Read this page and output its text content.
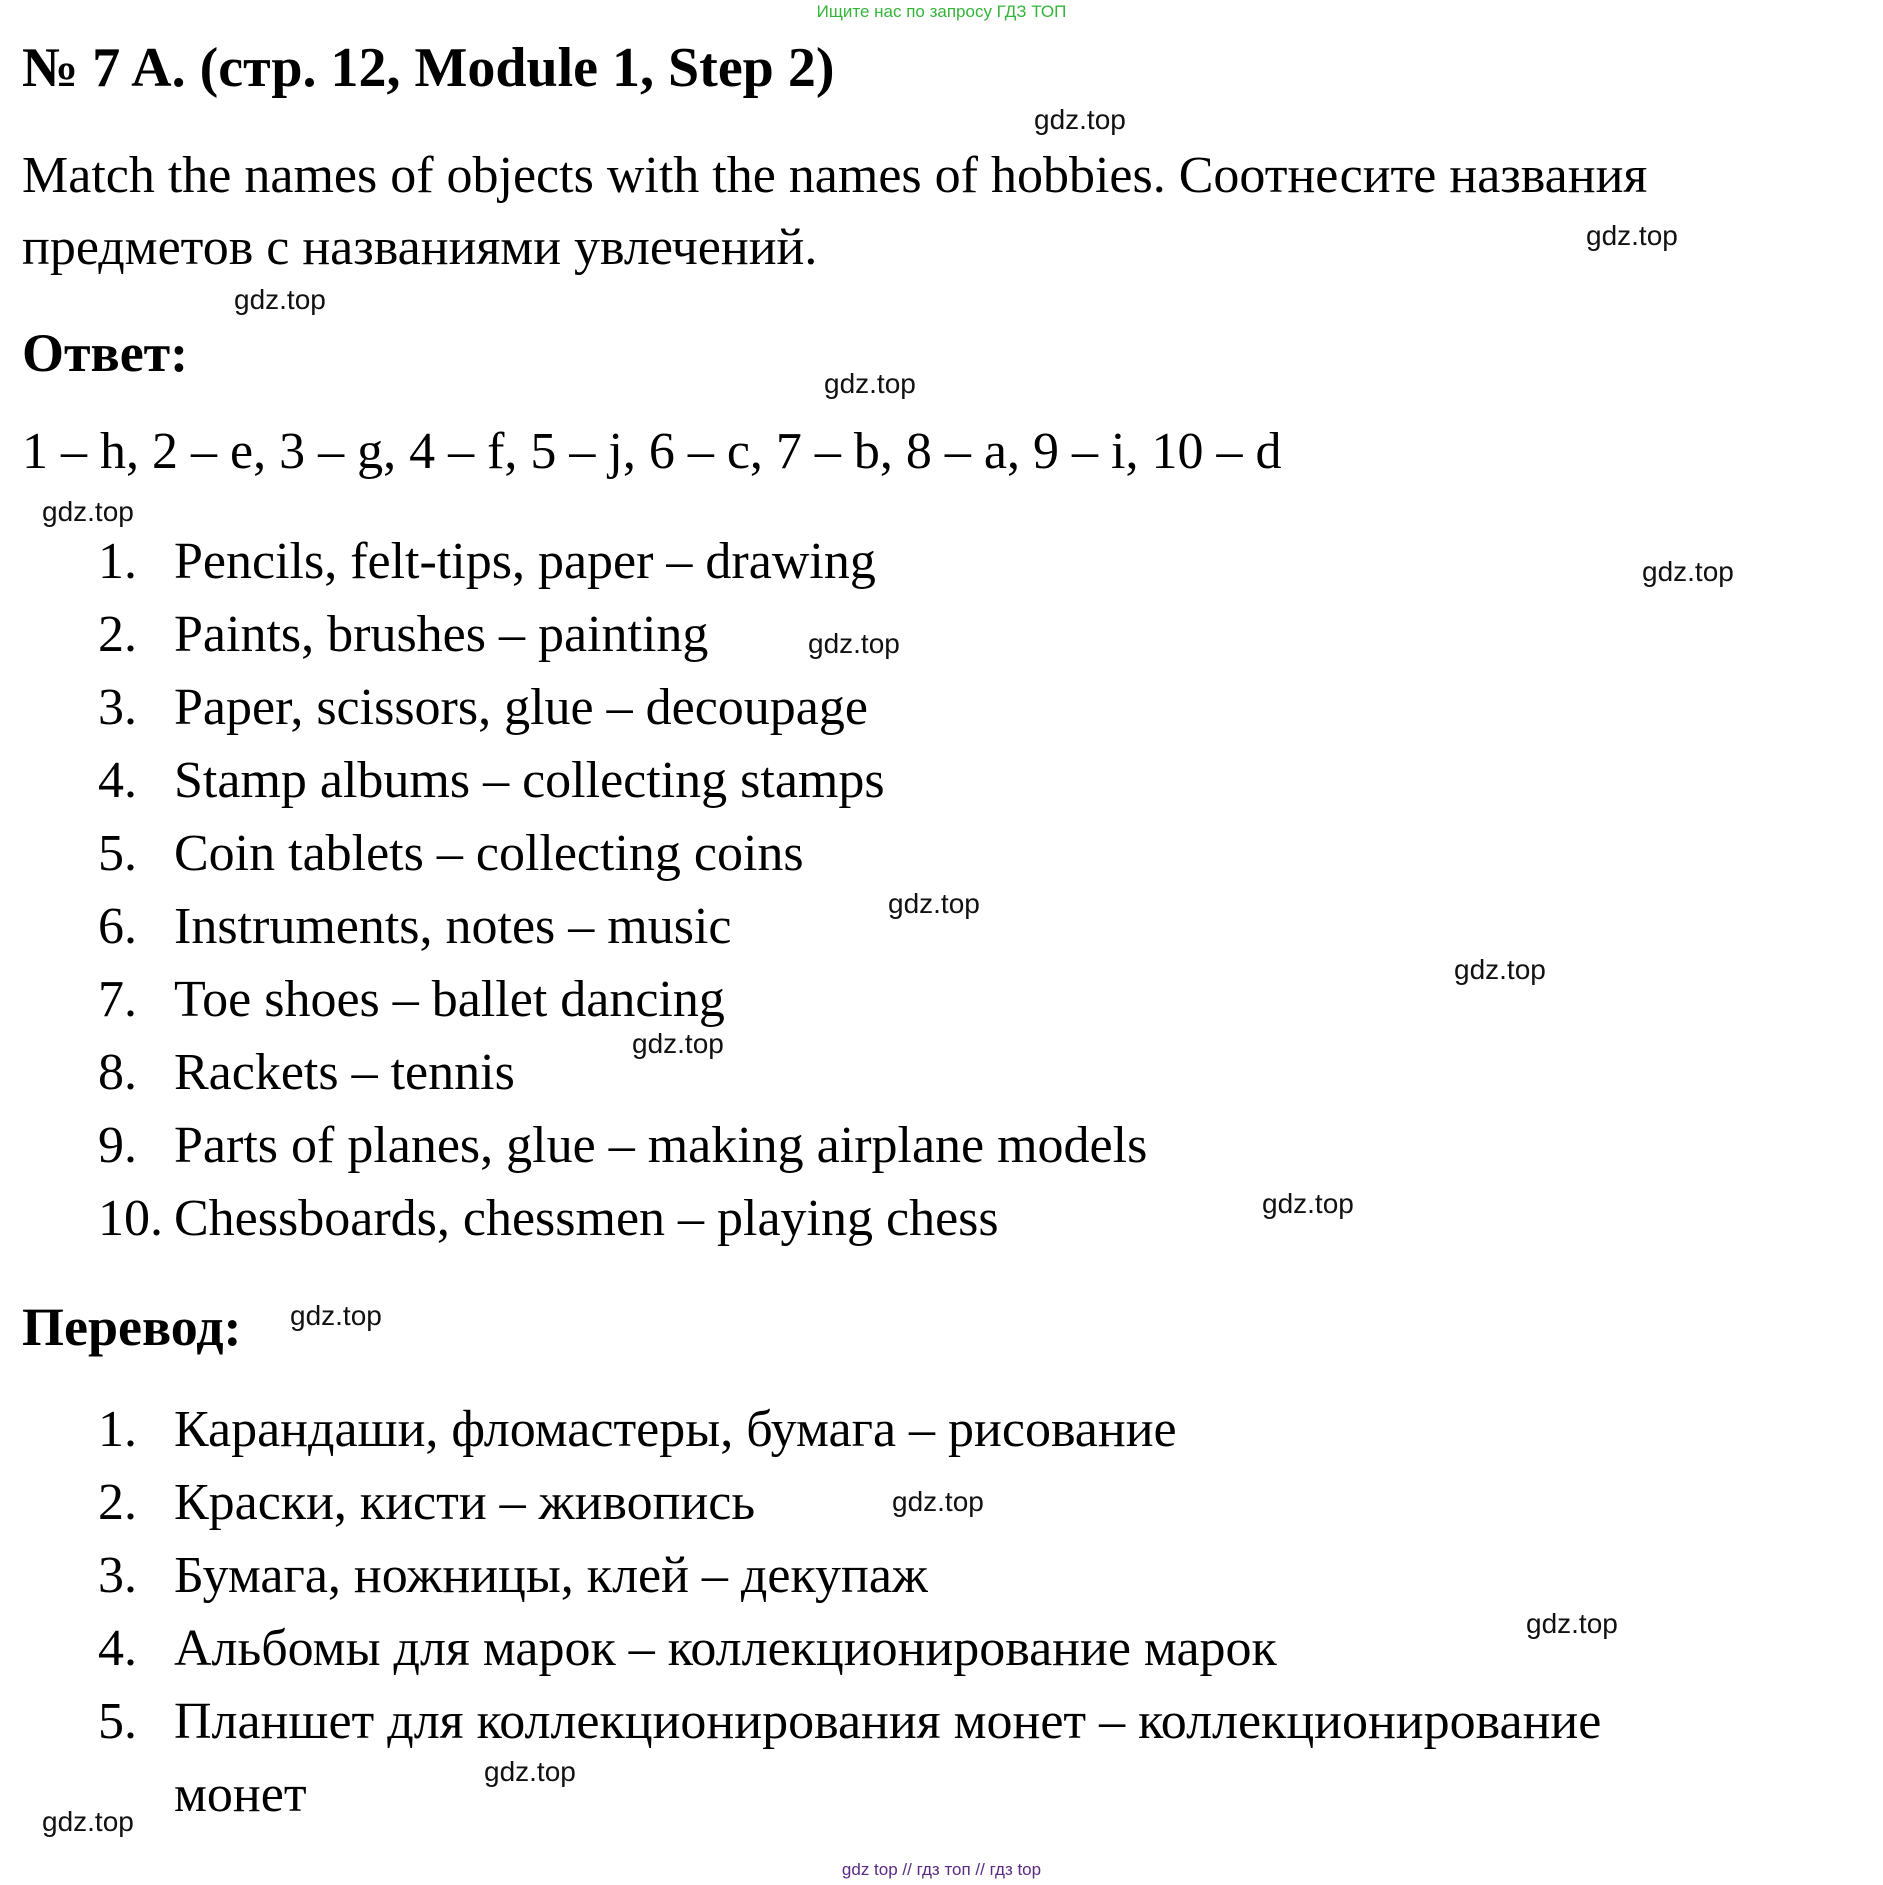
Ищите нас по запросу ГДЗ ТОП
№ 7 A. (стр. 12, Module 1, Step 2)

Match the names of objects with the names of hobbies. Соотнесите названия предметов с названиями увлечений.

Ответ:

1 – h, 2 – e, 3 – g, 4 – f, 5 – j, 6 – c, 7 – b, 8 – a, 9 – i, 10 – d

1. Pencils, felt-tips, paper – drawing
2. Paints, brushes – painting
3. Paper, scissors, glue – decoupage
4. Stamp albums – collecting stamps
5. Coin tablets – collecting coins
6. Instruments, notes – music
7. Toe shoes – ballet dancing
8. Rackets – tennis
9. Parts of planes, glue – making airplane models
10. Chessboards, chessmen – playing chess
Перевод:
1. Карандаши, фломастеры, бумага – рисование
2. Краски, кисти – живопись
3. Бумага, ножницы, клей – декупаж
4. Альбомы для марок – коллекционирование марок
5. Планшет для коллекционирования монет – коллекционирование
монет
gdz.top
gdz.top
gdz.top
gdz.top
gdz.top
gdz.top
gdz.top
gdz.top
gdz.top
gdz.top
gdz.top
gdz.top
gdz.top
gdz.top
gdz.top
gdz.top
gdz top // гдз топ // гдз top
